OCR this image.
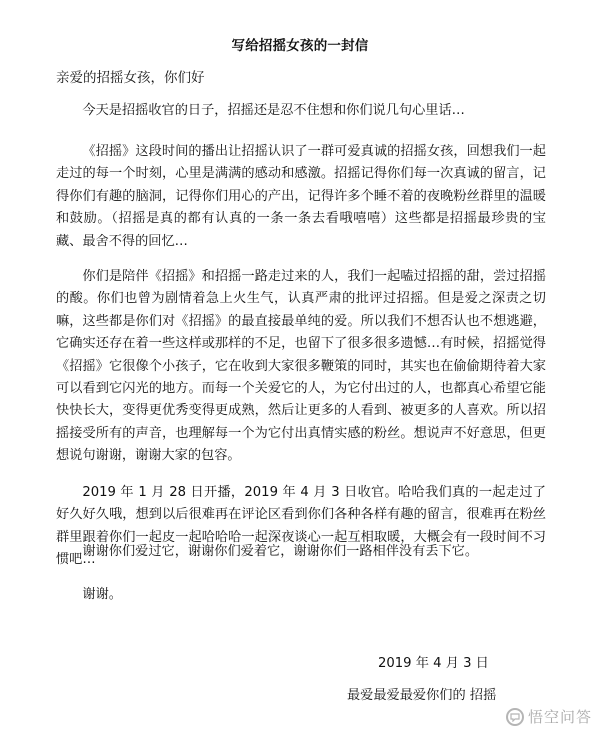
写给招摇女孩的一封信
亲爱的招摇女孩，你们好

今天是招摇收官的日子，招摇还是忍不住想和你们说几句心里话…

《招摇》这段时间的播出让招摇认识了一群可爱真诚的招摇女孩，回想我们一起走过的每一个时刻，心里是满满的感动和感激。招摇记得你们每一次真诚的留言，记得你们有趣的脑洞，记得你们用心的产出，记得许多个睡不着的夜晚粉丝群里的温暖和鼓励。（招摇是真的都有认真的一条一条去看哦嘻嘻）这些都是招摇最珍贵的宝藏、最舍不得的回忆…

你们是陪伴《招摇》和招摇一路走过来的人，我们一起嗑过招摇的甜，尝过招摇的酸。你们也曾为剧情着急上火生气，认真严肃的批评过招摇。但是爱之深责之切嘛，这些都是你们对《招摇》的最直接最单纯的爱。所以我们不想否认也不想逃避，它确实还存在着一些这样或那样的不足，也留下了很多很多遗憾…有时候，招摇觉得《招摇》它很像个小孩子，它在收到大家很多鞭策的同时，其实也在偷偷期待着大家可以看到它闪光的地方。而每一个关爱它的人，为它付出过的人，也都真心希望它能快快长大，变得更优秀变得更成熟，然后让更多的人看到、被更多的人喜欢。所以招摇接受所有的声音，也理解每一个为它付出真情实感的粉丝。想说声不好意思，但更想说句谢谢，谢谢大家的包容。

2019 年 1 月 28 日开播，2019 年 4 月 3 日收官。哈哈我们真的一起走过了好久好久哦，想到以后很难再在评论区看到你们各种各样有趣的留言，很难再在粉丝群里跟着你们一起皮一起哈哈哈一起深夜谈心一起互相取暖，大概会有一段时间不习惯吧…

谢谢你们爱过它，谢谢你们爱着它，谢谢你们一路相伴没有丢下它。

谢谢。

2019 年 4 月 3 日
最爱最爱最爱你们的 招摇
悟空问答
